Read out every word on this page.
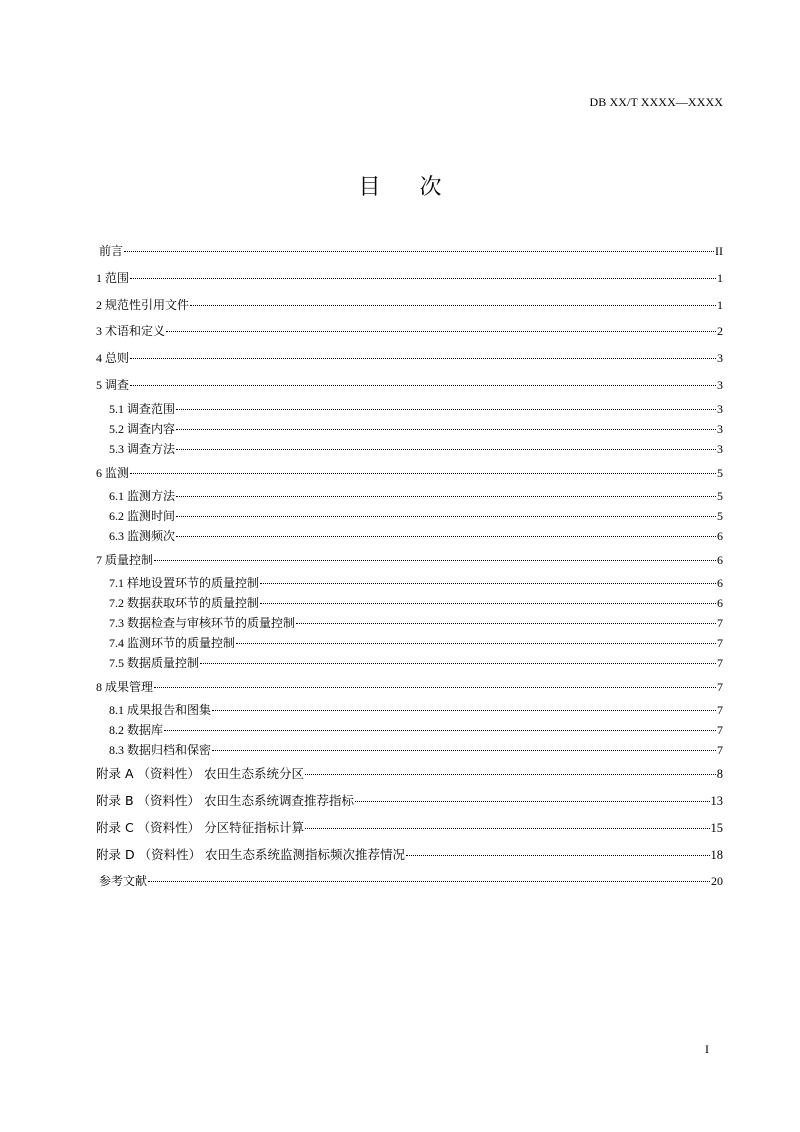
DB XX/T XXXX—XXXX
目 次
前言	II
1 范围	1
2 规范性引用文件	1
3 术语和定义	2
4 总则	3
5 调查	3
5.1 调查范围	3
5.2 调查内容	3
5.3 调查方法	3
6 监测	5
6.1 监测方法	5
6.2 监测时间	5
6.3 监测频次	6
7 质量控制	6
7.1 样地设置环节的质量控制	6
7.2 数据获取环节的质量控制	6
7.3 数据检查与审核环节的质量控制	7
7.4 监测环节的质量控制	7
7.5 数据质量控制	7
8 成果管理	7
8.1 成果报告和图集	7
8.2 数据库	7
8.3 数据归档和保密	7
附录 A （资料性） 农田生态系统分区	8
附录 B （资料性） 农田生态系统调查推荐指标	13
附录 C （资料性） 分区特征指标计算	15
附录 D （资料性） 农田生态系统监测指标频次推荐情况	18
参考文献	20
I
